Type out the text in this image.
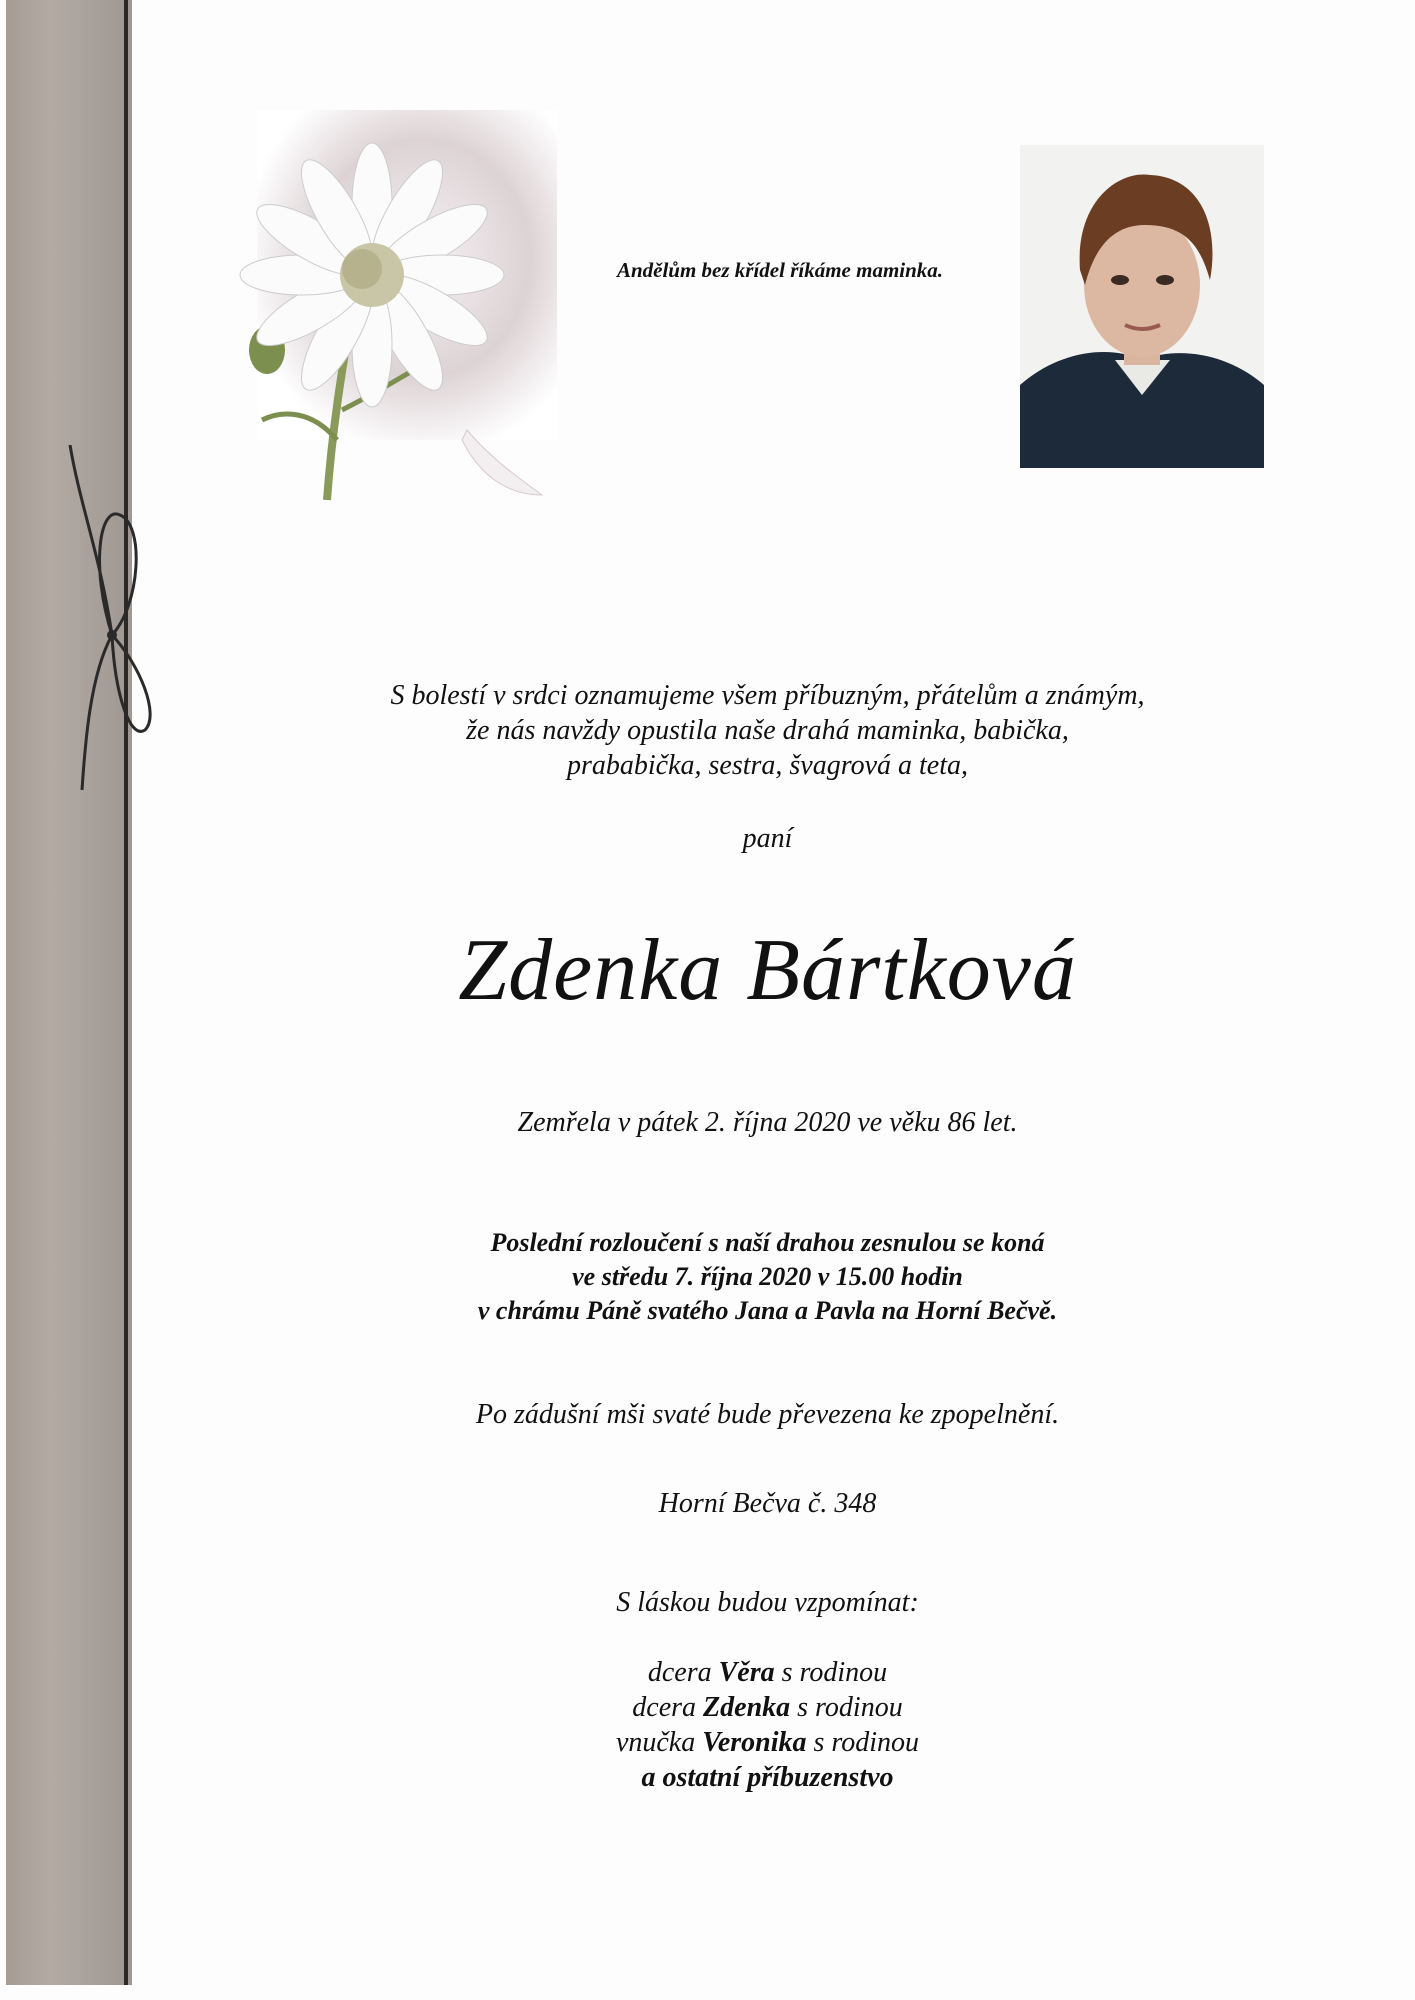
Andělům bez křídel říkáme maminka.
S bolestí v srdci oznamujeme všem příbuzným, přátelům a známým,
že nás navždy opustila naše drahá maminka, babička,
prababička, sestra, švagrová a teta,
paní
Zdenka Bártková
Zemřela v pátek 2. října 2020 ve věku 86 let.
Poslední rozloučení s naší drahou zesnulou se koná
ve středu 7. října 2020 v 15.00 hodin
v chrámu Páně svatého Jana a Pavla na Horní Bečvě.
Po zádušní mši svaté bude převezena ke zpopelnění.
Horní Bečva č. 348
S láskou budou vzpomínat:
dcera Věra s rodinou
dcera Zdenka s rodinou
vnučka Veronika s rodinou
a ostatní příbuzenstvo
